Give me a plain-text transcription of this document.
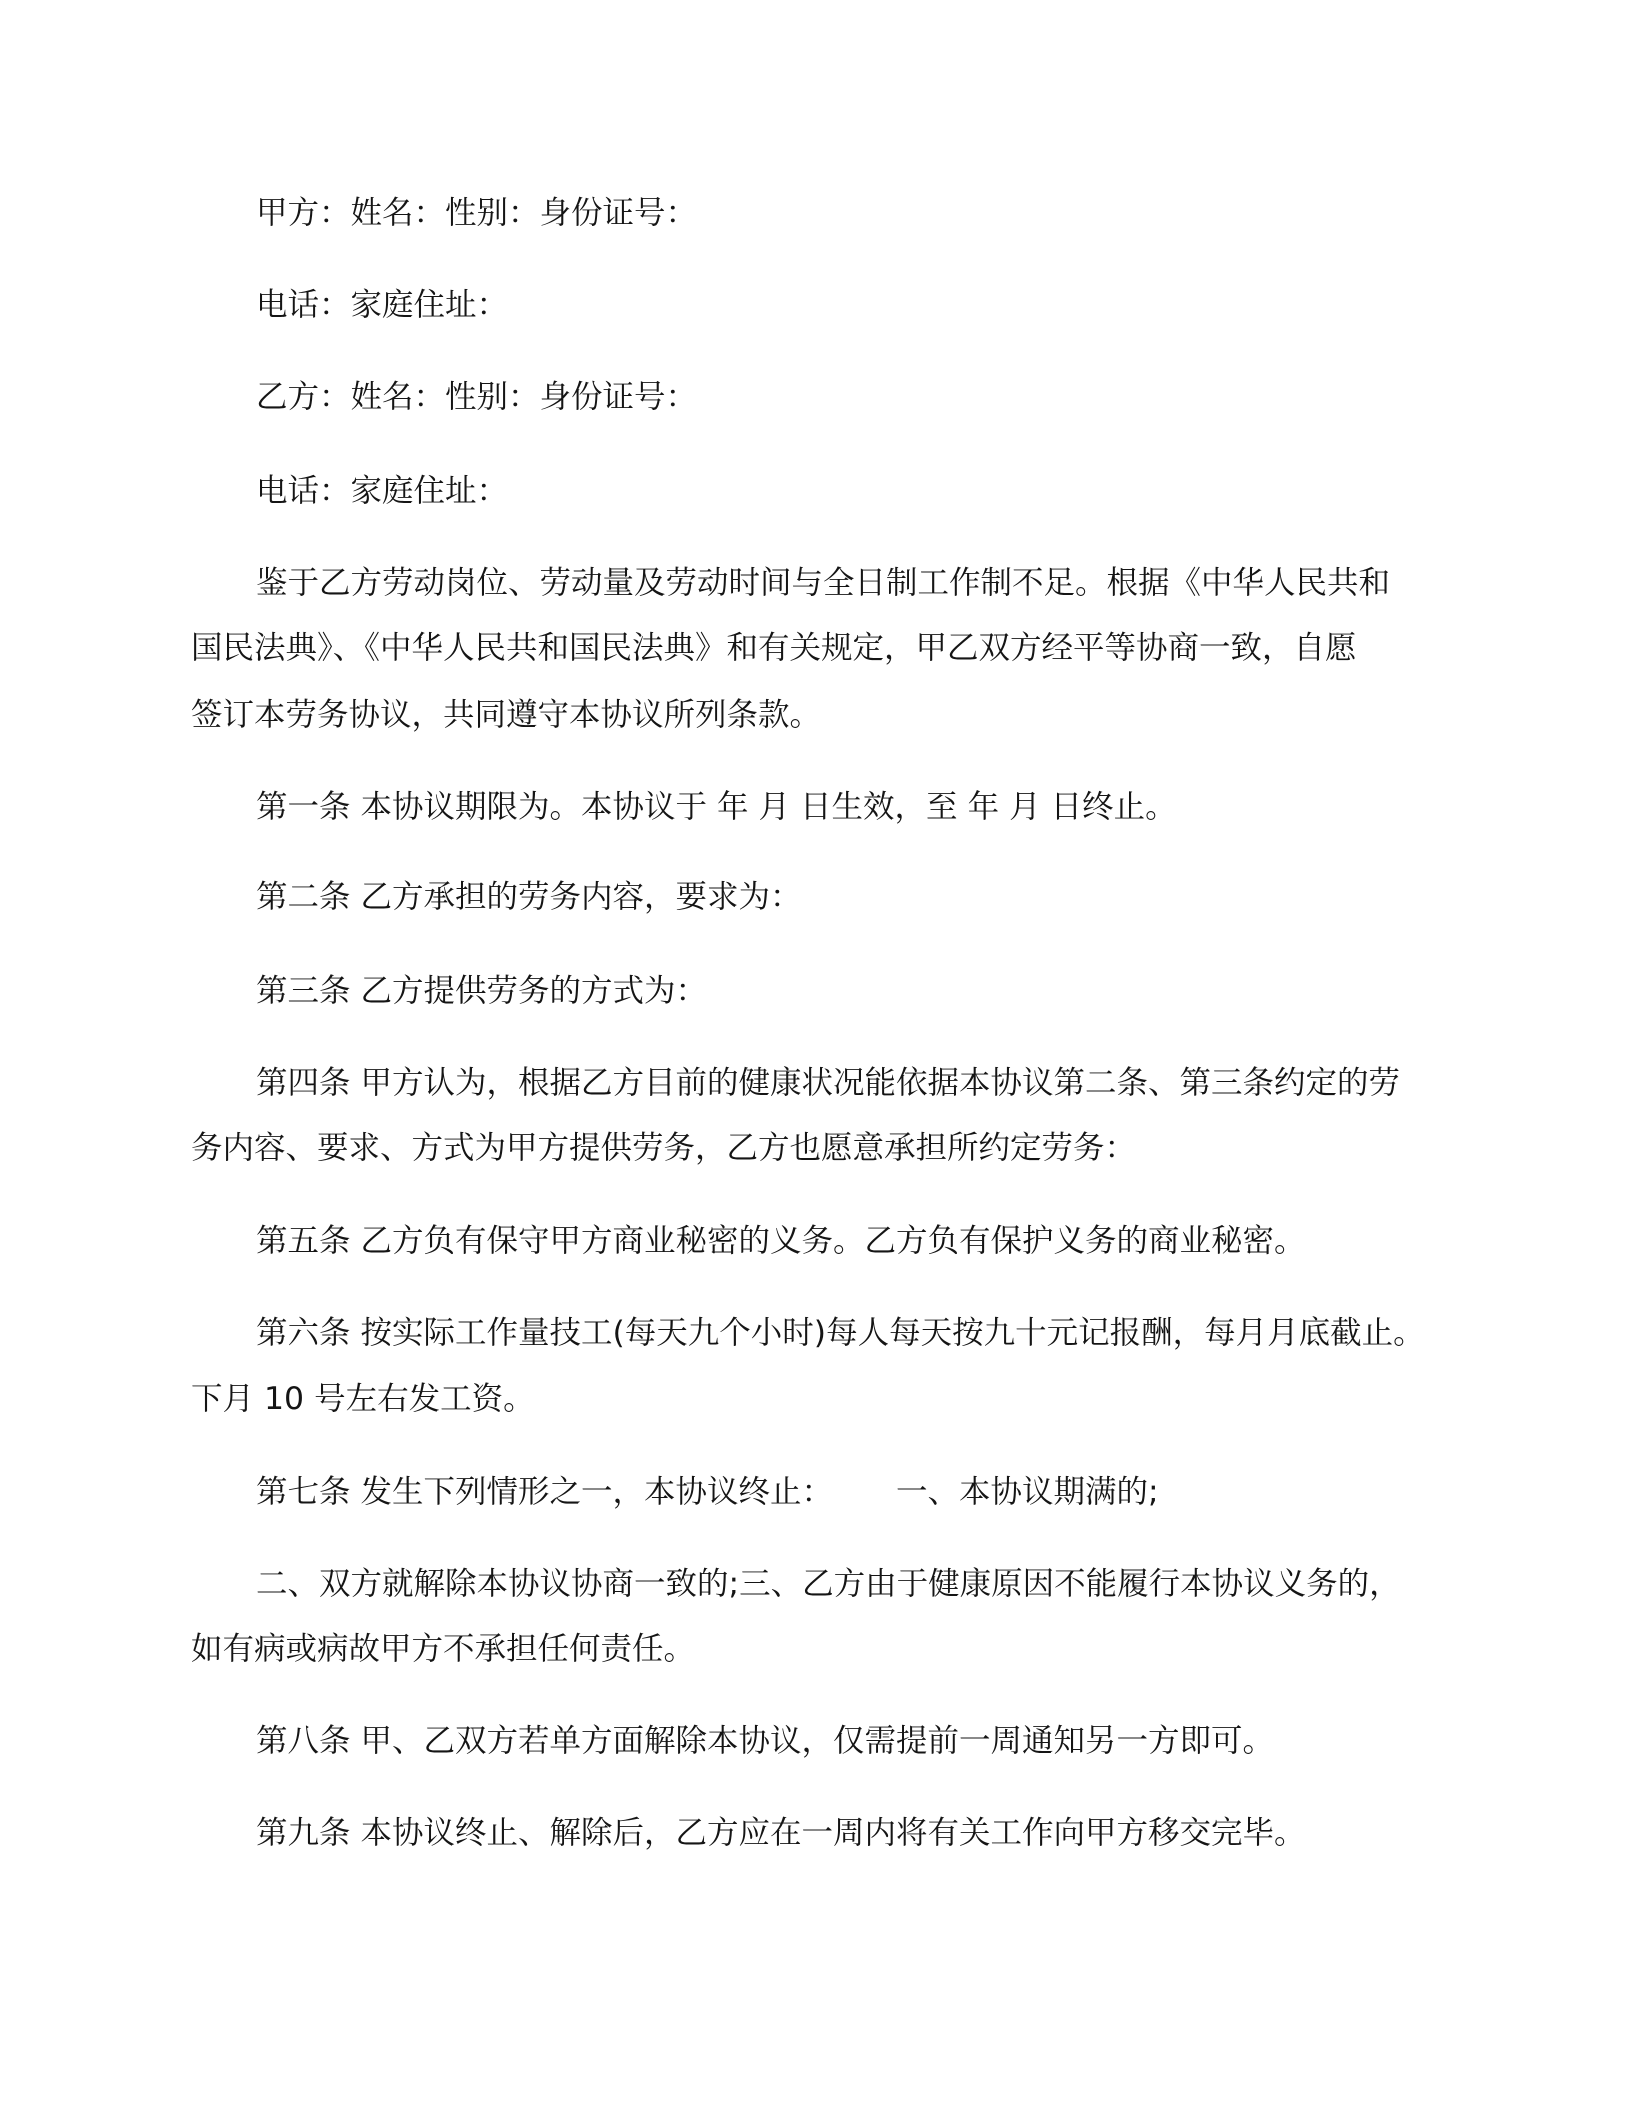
甲方：姓名：性别：身份证号：
电话：家庭住址：
乙方：姓名：性别：身份证号：
电话：家庭住址：
鉴于乙方劳动岗位、劳动量及劳动时间与全日制工作制不足。根据《中华人民共和
国民法典》、《中华人民共和国民法典》和有关规定，甲乙双方经平等协商一致，自愿
签订本劳务协议，共同遵守本协议所列条款。
第一条 本协议期限为。本协议于 年 月 日生效，至 年 月 日终止。
第二条 乙方承担的劳务内容，要求为：
第三条 乙方提供劳务的方式为：
第四条 甲方认为，根据乙方目前的健康状况能依据本协议第二条、第三条约定的劳
务内容、要求、方式为甲方提供劳务，乙方也愿意承担所约定劳务：
第五条 乙方负有保守甲方商业秘密的义务。乙方负有保护义务的商业秘密。
第六条 按实际工作量技工(每天九个小时)每人每天按九十元记报酬，每月月底截止。
下月 10 号左右发工资。
第七条 发生下列情形之一，本协议终止： 一、本协议期满的;
二、双方就解除本协议协商一致的;三、乙方由于健康原因不能履行本协议义务的，
如有病或病故甲方不承担任何责任。
第八条 甲、乙双方若单方面解除本协议，仅需提前一周通知另一方即可。
第九条 本协议终止、解除后，乙方应在一周内将有关工作向甲方移交完毕。
